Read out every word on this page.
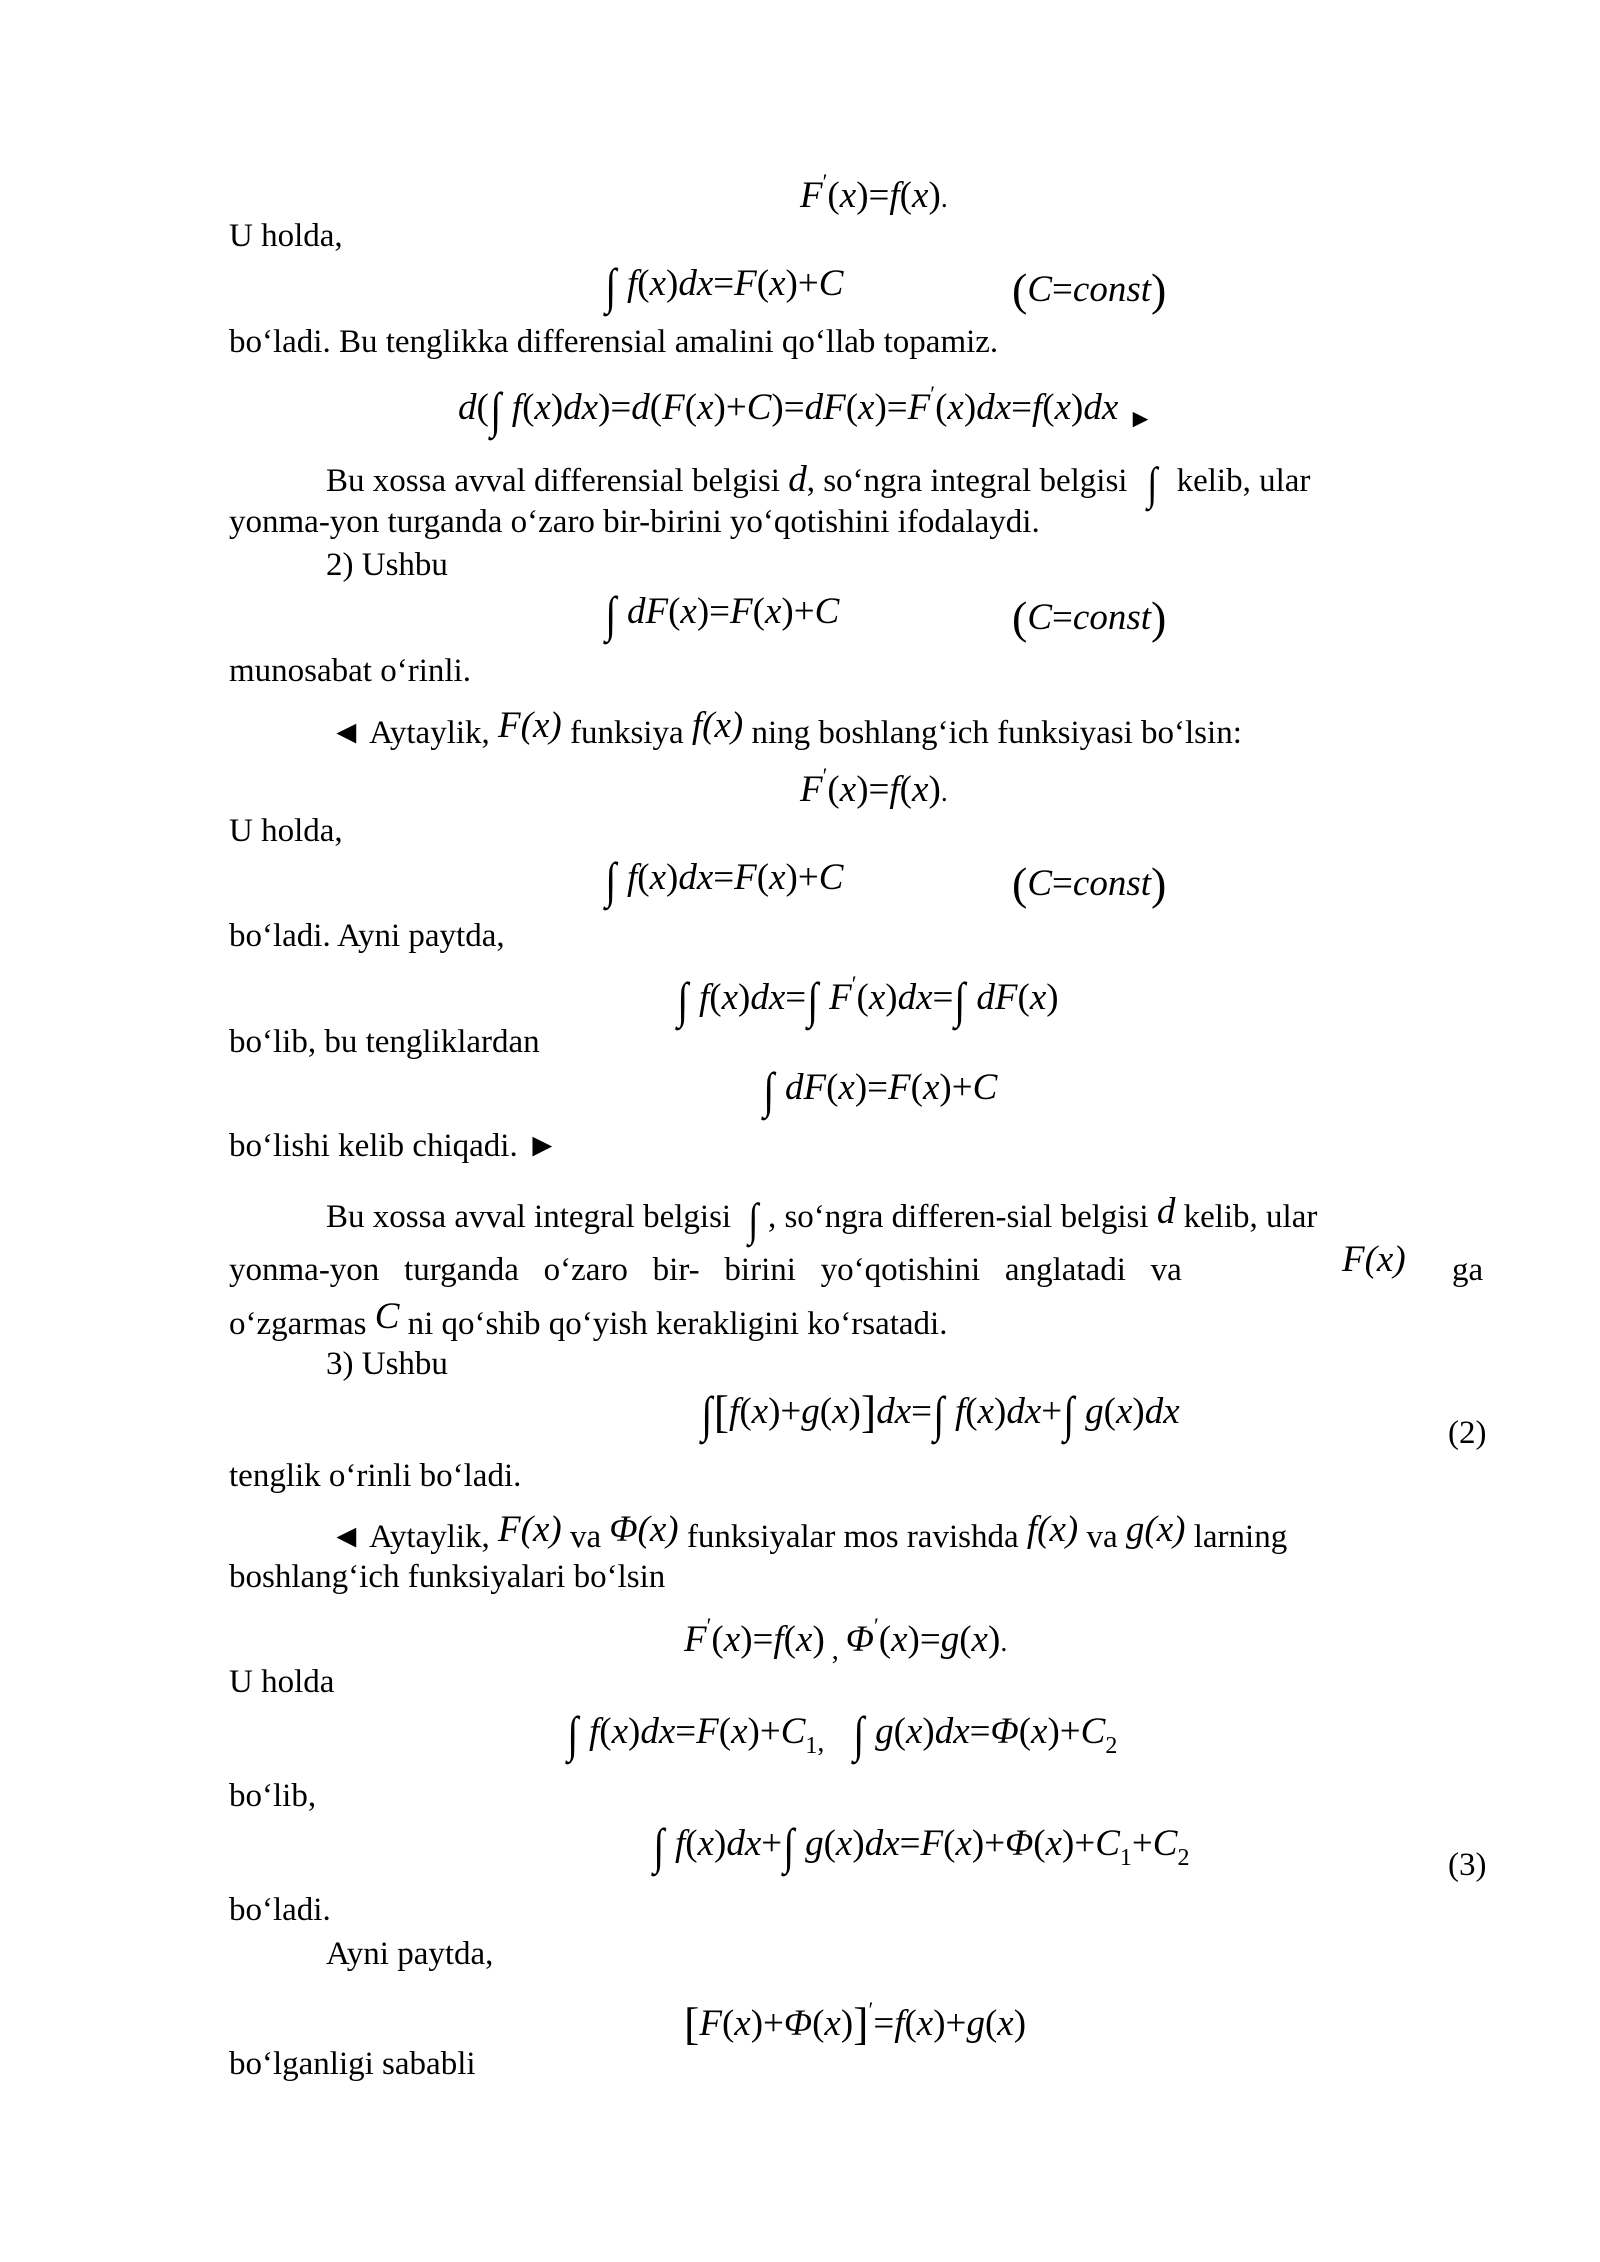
F′(x)=f(x).
U holda,
∫ f(x)dx=F(x)+C	(C=const)
bo‘ladi. Bu tenglikka differensial amalini qo‘llab topamiz.
d(∫ f(x)dx)=d(F(x)+C)=dF(x)=F′(x)dx=f(x)dx $_►$
Bu xossa avval differensial belgisi d, so‘ngra integral belgisi ∫ kelib, ular
yonma-yon turganda o‘zaro bir-birini yo‘qotishini ifodalaydi.
2) Ushbu
∫ dF(x)=F(x)+C	(C=const)
munosabat o‘rinli.
◄ Aytaylik, F(x) funksiya f(x) ning boshlang‘ich funksiyasi bo‘lsin:
F′(x)=f(x).
U holda,
∫ f(x)dx=F(x)+C	(C=const)
bo‘ladi. Ayni paytda,
∫ f(x)dx=∫ F′(x)dx=∫ dF(x)
bo‘lib, bu tengliklardan
∫ dF(x)=F(x)+C
bo‘lishi kelib chiqadi. ►
Bu xossa avval integral belgisi ∫ , so‘ngra differen-sial belgisi d kelib, ular
yonma-yon   turganda   o‘zaro   bir-   birini   yo‘qotishini   anglatadi   va	F(x) ga
o‘zgarmas C ni qo‘shib qo‘yish kerakligini ko‘rsatadi.
3) Ushbu
∫[f(x)+g(x)]dx=∫ f(x)dx+∫ g(x)dx
(2)
tenglik o‘rinli bo‘ladi.
◄ Aytaylik, F(x) va Φ(x) funksiyalar mos ravishda f(x) va g(x) larning
boshlang‘ich funksiyalari bo‘lsin
F′(x)=f(x) $_,$ Φ′(x)=g(x).
U holda
∫ $f(x)dx=F(x)+C_{1,}$ ∫ $g(x)dx=\Phi(x)+C_2$
bo‘lib,
∫ f(x)dx+∫ $g(x)dx=F(x)+\Phi(x)+C_1+C_2$	(3)
bo‘ladi.
Ayni paytda,
[F(x)+Φ(x)]′=f(x)+g(x)
bo‘lganligi sababli
